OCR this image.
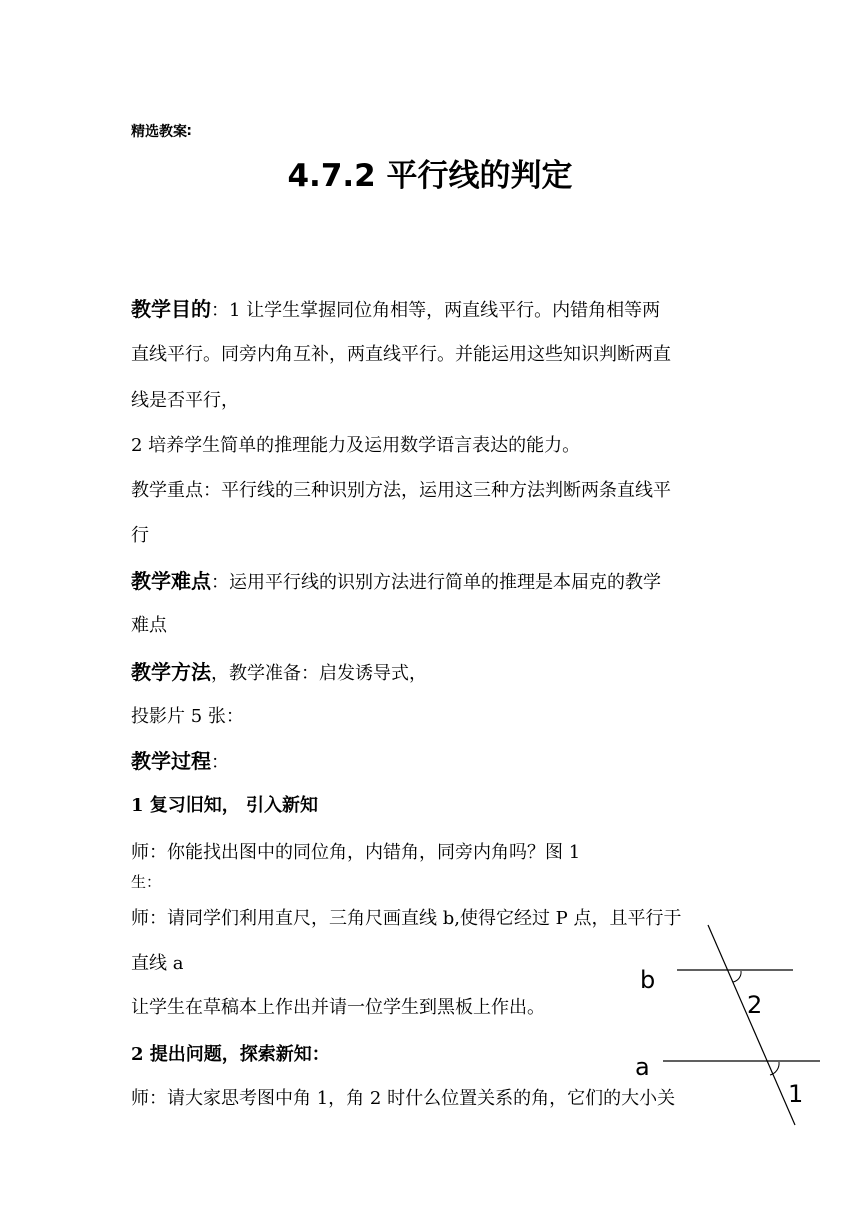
精选教案∶
4.7.2 平行线的判定
教学目的：1 让学生掌握同位角相等，两直线平行。内错角相等两
直线平行。同旁内角互补，两直线平行。并能运用这些知识判断两直
线是否平行，
2 培养学生简单的推理能力及运用数学语言表达的能力。
教学重点：平行线的三种识别方法，运用这三种方法判断两条直线平
行
教学难点：运用平行线的识别方法进行简单的推理是本届克的教学
难点
教学方法，教学准备：启发诱导式，
投影片 5 张：
教学过程：
1 复习旧知， 引入新知
师：你能找出图中的同位角，内错角，同旁内角吗？图 1
生：
师：请同学们利用直尺，三角尺画直线 b,使得它经过 P 点，且平行于
直线 a
让学生在草稿本上作出并请一位学生到黑板上作出。
2 提出问题，探索新知：
师：请大家思考图中角 1，角 2 时什么位置关系的角，它们的大小关
b
2
a
1
